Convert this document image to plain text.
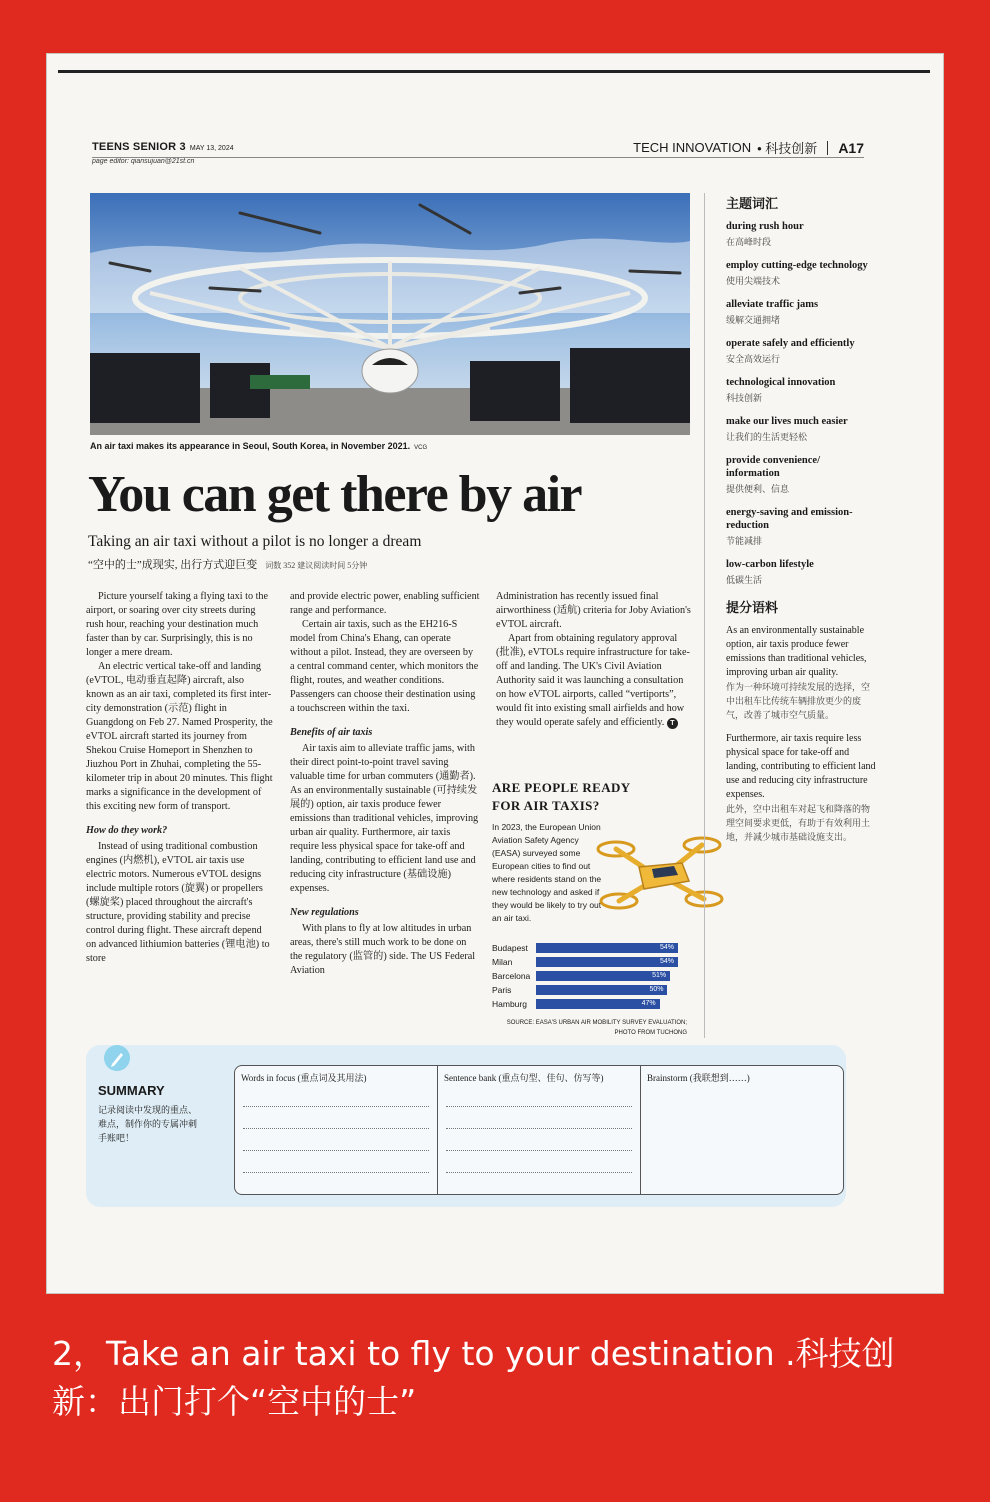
TEENS SENIOR 3 MAY 13, 2024
page editor: qiansujuan@21st.cn
TECH INNOVATION • 科技创新 A17
An air taxi makes its appearance in Seoul, South Korea, in November 2021. VCG
You can get there by air
Taking an air taxi without a pilot is no longer a dream
“空中的士”成现实, 出行方式迎巨变 词数 352 建议阅读时间 5分钟

Picture yourself taking a flying taxi to the airport, or soaring over city streets during rush hour, reaching your destination much faster than by car. Surprisingly, this is no longer a mere dream.

An electric vertical take-off and landing (eVTOL, 电动垂直起降) aircraft, also known as an air taxi, completed its first inter-city demonstration (示范) flight in Guangdong on Feb 27. Named Prosperity, the eVTOL aircraft started its journey from Shekou Cruise Homeport in Shenzhen to Jiuzhou Port in Zhuhai, completing the 55-kilometer trip in about 20 minutes. This flight marks a significance in the development of this exciting new form of transport.

How do they work?

Instead of using traditional combustion engines (内燃机), eVTOL air taxis use electric motors. Numerous eVTOL designs include multiple rotors (旋翼) or propellers (螺旋桨) placed throughout the aircraft's structure, providing stability and precise control during flight. These aircraft depend on advanced lithiumion batteries (锂电池) to store

and provide electric power, enabling sufficient range and performance.

Certain air taxis, such as the EH216-S model from China's Ehang, can operate without a pilot. Instead, they are overseen by a central command center, which monitors the flight, routes, and weather conditions. Passengers can choose their destination using a touchscreen within the taxi.

Benefits of air taxis

Air taxis aim to alleviate traffic jams, with their direct point-to-point travel saving valuable time for urban commuters (通勤者). As an environmentally sustainable (可持续发展的) option, air taxis produce fewer emissions than traditional vehicles, improving urban air quality. Furthermore, air taxis require less physical space for take-off and landing, contributing to efficient land use and reducing city infrastructure (基础设施) expenses.

New regulations

With plans to fly at low altitudes in urban areas, there's still much work to be done on the regulatory (监管的) side. The US Federal Aviation

Administration has recently issued final airworthiness (适航) criteria for Joby Aviation's eVTOL aircraft.

Apart from obtaining regulatory approval (批准), eVTOLs require infrastructure for take-off and landing. The UK's Civil Aviation Authority said it was launching a consultation on how eVTOL airports, called “vertiports”, would fit into existing small airfields and how they would operate safely and efficiently. T

ARE PEOPLE READY
FOR AIR TAXIS?
In 2023, the European Union Aviation Safety Agency (EASA) surveyed some European cities to find out where residents stand on the new technology and asked if they would be likely to try out an air taxi.
Budapest	54%
Milan	54%
Barcelona	51%
Paris	50%
Hamburg	47%
SOURCE: EASA'S URBAN AIR MOBILITY SURVEY EVALUATION; PHOTO FROM TUCHONG
主题词汇
during rush hour
在高峰时段
employ cutting-edge technology
使用尖端技术
alleviate traffic jams
缓解交通拥堵
operate safely and efficiently
安全高效运行
technological innovation
科技创新
make our lives much easier
让我们的生活更轻松
provide convenience/ information
提供便利、信息
energy-saving and emission-reduction
节能减排
low-carbon lifestyle
低碳生活
提分语料
As an environmentally sustainable option, air taxis produce fewer emissions than traditional vehicles, improving urban air quality.
作为一种环境可持续发展的选择，空中出租车比传统车辆排放更少的废气，改善了城市空气质量。
Furthermore, air taxis require less physical space for take-off and landing, contributing to efficient land use and reducing city infrastructure expenses.
此外，空中出租车对起飞和降落的物理空间要求更低，有助于有效利用土地，并减少城市基础设施支出。
SUMMARY
记录阅读中发现的重点、难点，制作你的专属冲刺手账吧！
Words in focus (重点词及其用法)	Sentence bank (重点句型、佳句、仿写等)	Brainstorm (我联想到……)
2，Take an air taxi to fly to your destination .科技创
新：出门打个“空中的士”
